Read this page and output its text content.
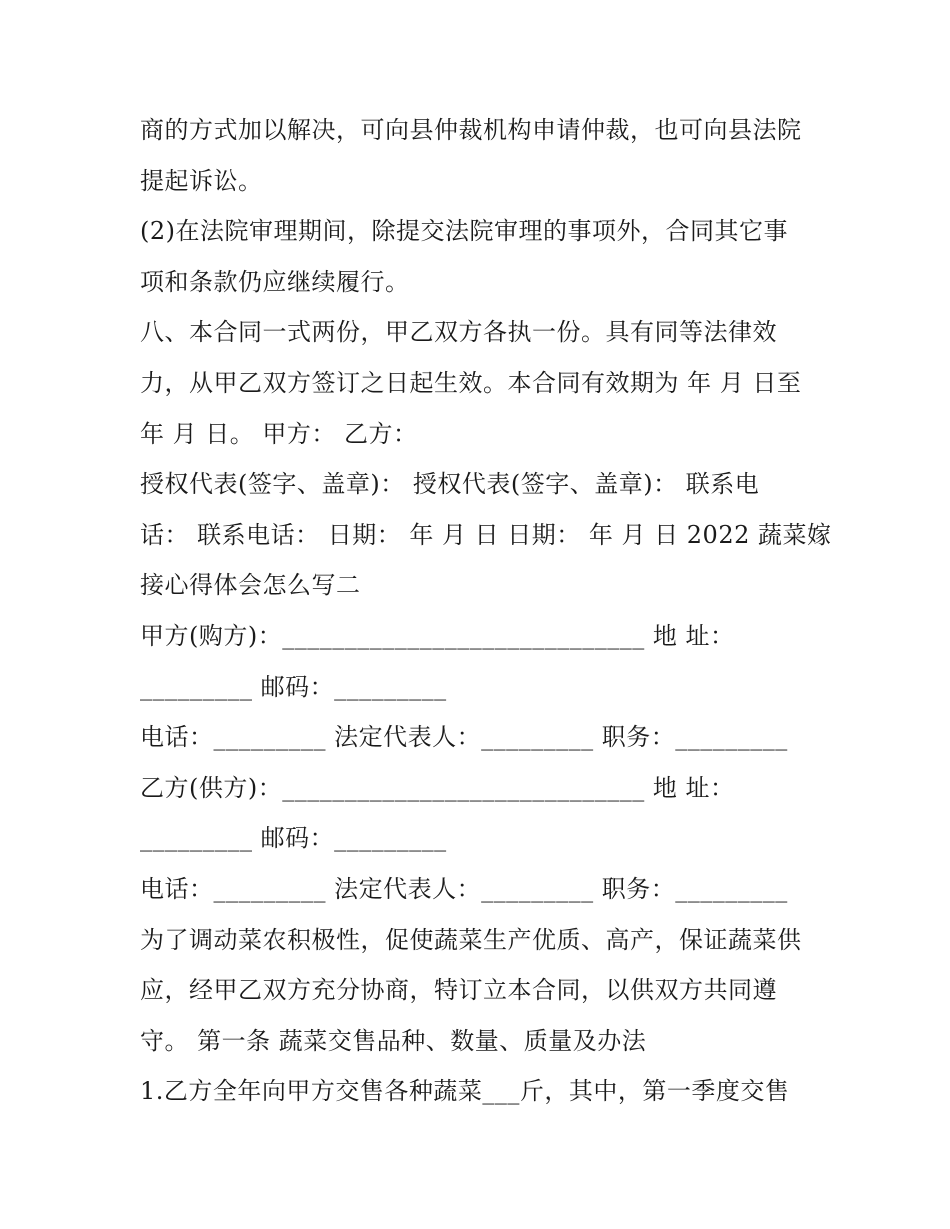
商的方式加以解决，可向县仲裁机构申请仲裁，也可向县法院
提起诉讼。
(2)在法院审理期间，除提交法院审理的事项外，合同其它事
项和条款仍应继续履行。
八、本合同一式两份，甲乙双方各执一份。具有同等法律效
力，从甲乙双方签订之日起生效。本合同有效期为 年 月 日至
年 月 日。 甲方： 乙方：
授权代表(签字、盖章)： 授权代表(签字、盖章)： 联系电
话： 联系电话： 日期： 年 月 日 日期： 年 月 日 2022 蔬菜嫁
接心得体会怎么写二
甲方(购方)：_____________________________ 地 址：
_________ 邮码：_________
电话：_________ 法定代表人：_________ 职务：_________
乙方(供方)：_____________________________ 地 址：
_________ 邮码：_________
电话：_________ 法定代表人：_________ 职务：_________
为了调动菜农积极性，促使蔬菜生产优质、高产，保证蔬菜供
应，经甲乙双方充分协商，特订立本合同，以供双方共同遵
守。 第一条 蔬菜交售品种、数量、质量及办法
1.乙方全年向甲方交售各种蔬菜___斤，其中，第一季度交售
